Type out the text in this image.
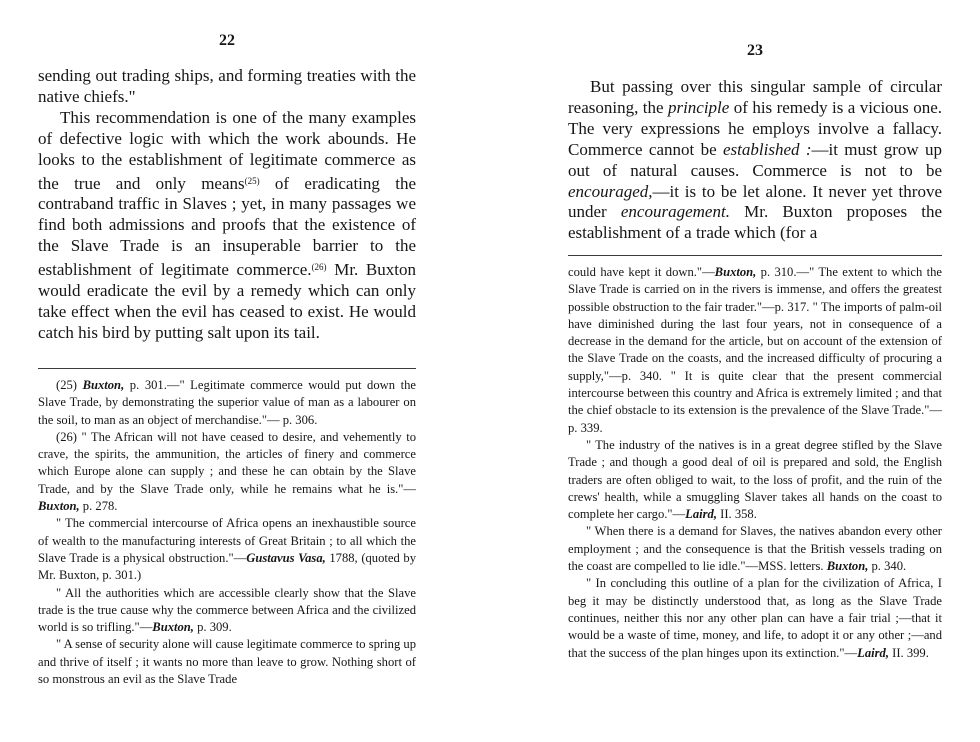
22

sending out trading ships, and forming treaties with the native chiefs."

This recommendation is one of the many examples of defective logic with which the work abounds. He looks to the establishment of legitimate commerce as the true and only means$^{(25)}$ of eradicating the contraband traffic in Slaves ; yet, in many passages we find both admissions and proofs that the existence of the Slave Trade is an insuperable barrier to the establishment of legitimate commerce.$^{(26)}$ Mr. Buxton would eradicate the evil by a remedy which can only take effect when the evil has ceased to exist. He would catch his bird by putting salt upon its tail.

(25) Buxton, p. 301.—" Legitimate commerce would put down the Slave Trade, by demonstrating the superior value of man as a labourer on the soil, to man as an object of merchandise."— p. 306.

(26) " The African will not have ceased to desire, and vehemently to crave, the spirits, the ammunition, the articles of finery and commerce which Europe alone can supply ; and these he can obtain by the Slave Trade, and by the Slave Trade only, while he remains what he is."—Buxton, p. 278.

" The commercial intercourse of Africa opens an inexhaustible source of wealth to the manufacturing interests of Great Britain ; to all which the Slave Trade is a physical obstruction."—Gustavus Vasa, 1788, (quoted by Mr. Buxton, p. 301.)

" All the authorities which are accessible clearly show that the Slave trade is the true cause why the commerce between Africa and the civilized world is so trifling."—Buxton, p. 309.

" A sense of security alone will cause legitimate commerce to spring up and thrive of itself ; it wants no more than leave to grow. Nothing short of so monstrous an evil as the Slave Trade

23

But passing over this singular sample of circular reasoning, the principle of his remedy is a vicious one. The very expressions he employs involve a fallacy. Commerce cannot be established :—it must grow up out of natural causes. Commerce is not to be encouraged,—it is to be let alone. It never yet throve under encouragement. Mr. Buxton proposes the establishment of a trade which (for a

could have kept it down."—Buxton, p. 310.—" The extent to which the Slave Trade is carried on in the rivers is immense, and offers the greatest possible obstruction to the fair trader."—p. 317. " The imports of palm-oil have diminished during the last four years, not in consequence of a decrease in the demand for the article, but on account of the extension of the Slave Trade on the coasts, and the increased difficulty of procuring a supply,"—p. 340. " It is quite clear that the present commercial intercourse between this country and Africa is extremely limited ; and that the chief obstacle to its extension is the prevalence of the Slave Trade."— p. 339.

" The industry of the natives is in a great degree stifled by the Slave Trade ; and though a good deal of oil is prepared and sold, the English traders are often obliged to wait, to the loss of profit, and the ruin of the crews' health, while a smuggling Slaver takes all hands on the coast to complete her cargo."—Laird, II. 358.

" When there is a demand for Slaves, the natives abandon every other employment ; and the consequence is that the British vessels trading on the coast are compelled to lie idle."—MSS. letters. Buxton, p. 340.

" In concluding this outline of a plan for the civilization of Africa, I beg it may be distinctly understood that, as long as the Slave Trade continues, neither this nor any other plan can have a fair trial ;—that it would be a waste of time, money, and life, to adopt it or any other ;—and that the success of the plan hinges upon its extinction."—Laird, II. 399.
